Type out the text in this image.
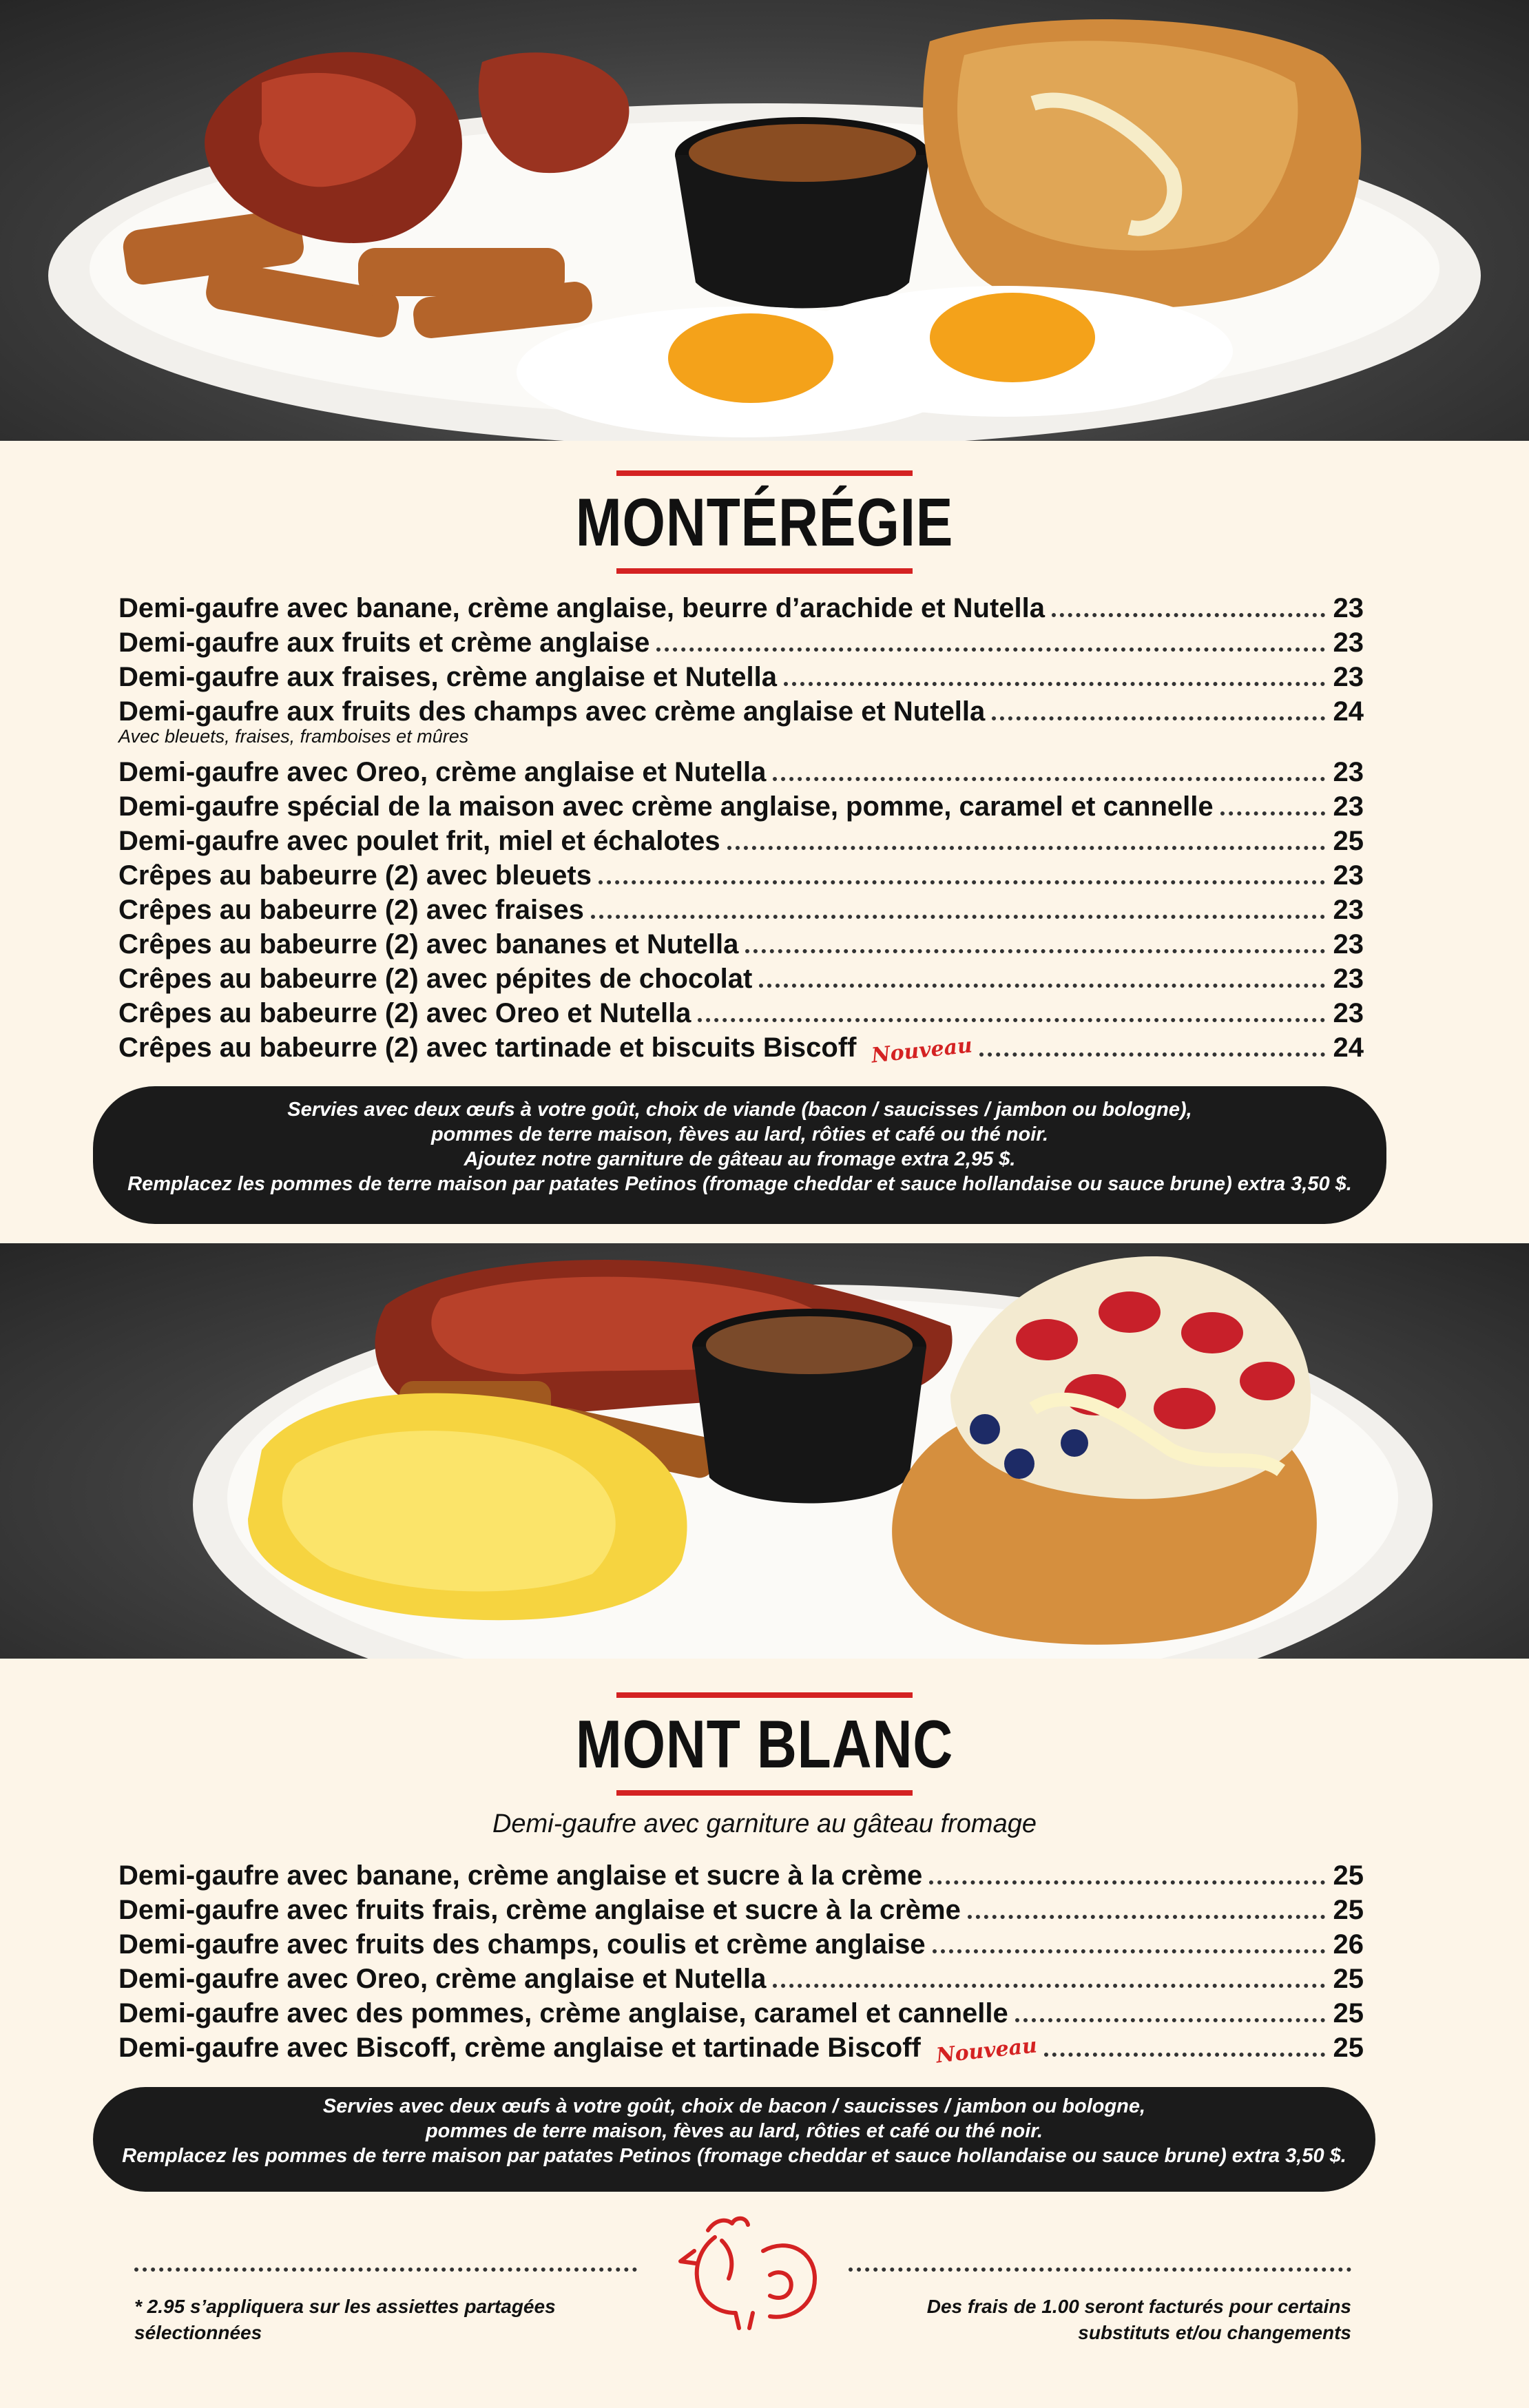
MONTÉRÉGIE
Demi-gaufre avec banane, crème anglaise, beurre d’arachide et Nutella	23
Demi-gaufre aux fruits et crème anglaise	23
Demi-gaufre aux fraises, crème anglaise et Nutella	23
Demi-gaufre aux fruits des champs avec crème anglaise et Nutella	24
Avec bleuets, fraises, framboises et mûres
Demi-gaufre avec Oreo, crème anglaise et Nutella	23
Demi-gaufre spécial de la maison avec crème anglaise, pomme, caramel et cannelle	23
Demi-gaufre avec poulet frit, miel et échalotes	25
Crêpes au babeurre (2) avec bleuets	23
Crêpes au babeurre (2) avec fraises	23
Crêpes au babeurre (2) avec bananes et Nutella	23
Crêpes au babeurre (2) avec pépites de chocolat	23
Crêpes au babeurre (2) avec Oreo et Nutella	23
Crêpes au babeurre (2) avec tartinade et biscuits Biscoff Nouveau	24
Servies avec deux œufs à votre goût, choix de viande (bacon / saucisses / jambon ou bologne),
pommes de terre maison, fèves au lard, rôties et café ou thé noir.
Ajoutez notre garniture de gâteau au fromage extra 2,95 $.
Remplacez les pommes de terre maison par patates Petinos (fromage cheddar et sauce hollandaise ou sauce brune) extra 3,50 $.
MONT BLANC
Demi-gaufre avec garniture au gâteau fromage
Demi-gaufre avec banane, crème anglaise et sucre à la crème	25
Demi-gaufre avec fruits frais, crème anglaise et sucre à la crème	25
Demi-gaufre avec fruits des champs, coulis et crème anglaise	26
Demi-gaufre avec Oreo, crème anglaise et Nutella	25
Demi-gaufre avec des pommes, crème anglaise, caramel et cannelle	25
Demi-gaufre avec Biscoff, crème anglaise et tartinade Biscoff Nouveau	25
Servies avec deux œufs à votre goût, choix de bacon / saucisses / jambon ou bologne,
pommes de terre maison, fèves au lard, rôties et café ou thé noir.
Remplacez les pommes de terre maison par patates Petinos (fromage cheddar et sauce hollandaise ou sauce brune) extra 3,50 $.
* 2.95 s’appliquera sur les assiettes partagées sélectionnées
Des frais de 1.00 seront facturés pour certains substituts et/ou changements
